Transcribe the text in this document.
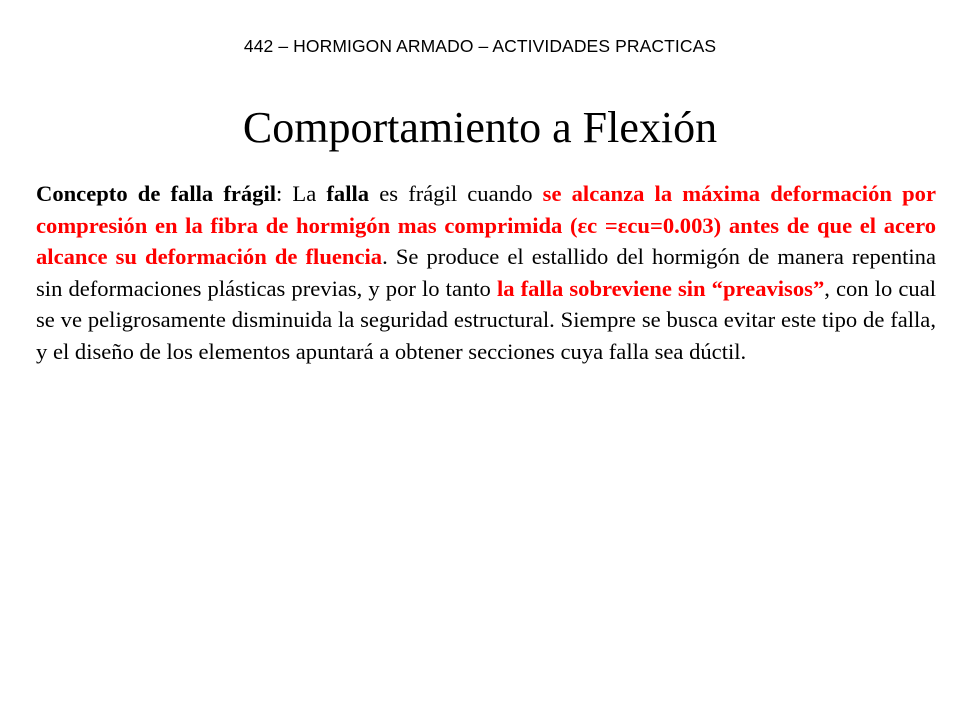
442 – HORMIGON ARMADO – ACTIVIDADES PRACTICAS
Comportamiento a Flexión
Concepto de falla frágil: La falla es frágil cuando se alcanza la máxima deformación por compresión en la fibra de hormigón mas comprimida (εc =εcu=0.003) antes de que el acero alcance su deformación de fluencia. Se produce el estallido del hormigón de manera repentina sin deformaciones plásticas previas, y por lo tanto la falla sobreviene sin “preavisos”, con lo cual se ve peligrosamente disminuida la seguridad estructural. Siempre se busca evitar este tipo de falla, y el diseño de los elementos apuntará a obtener secciones cuya falla sea dúctil.
